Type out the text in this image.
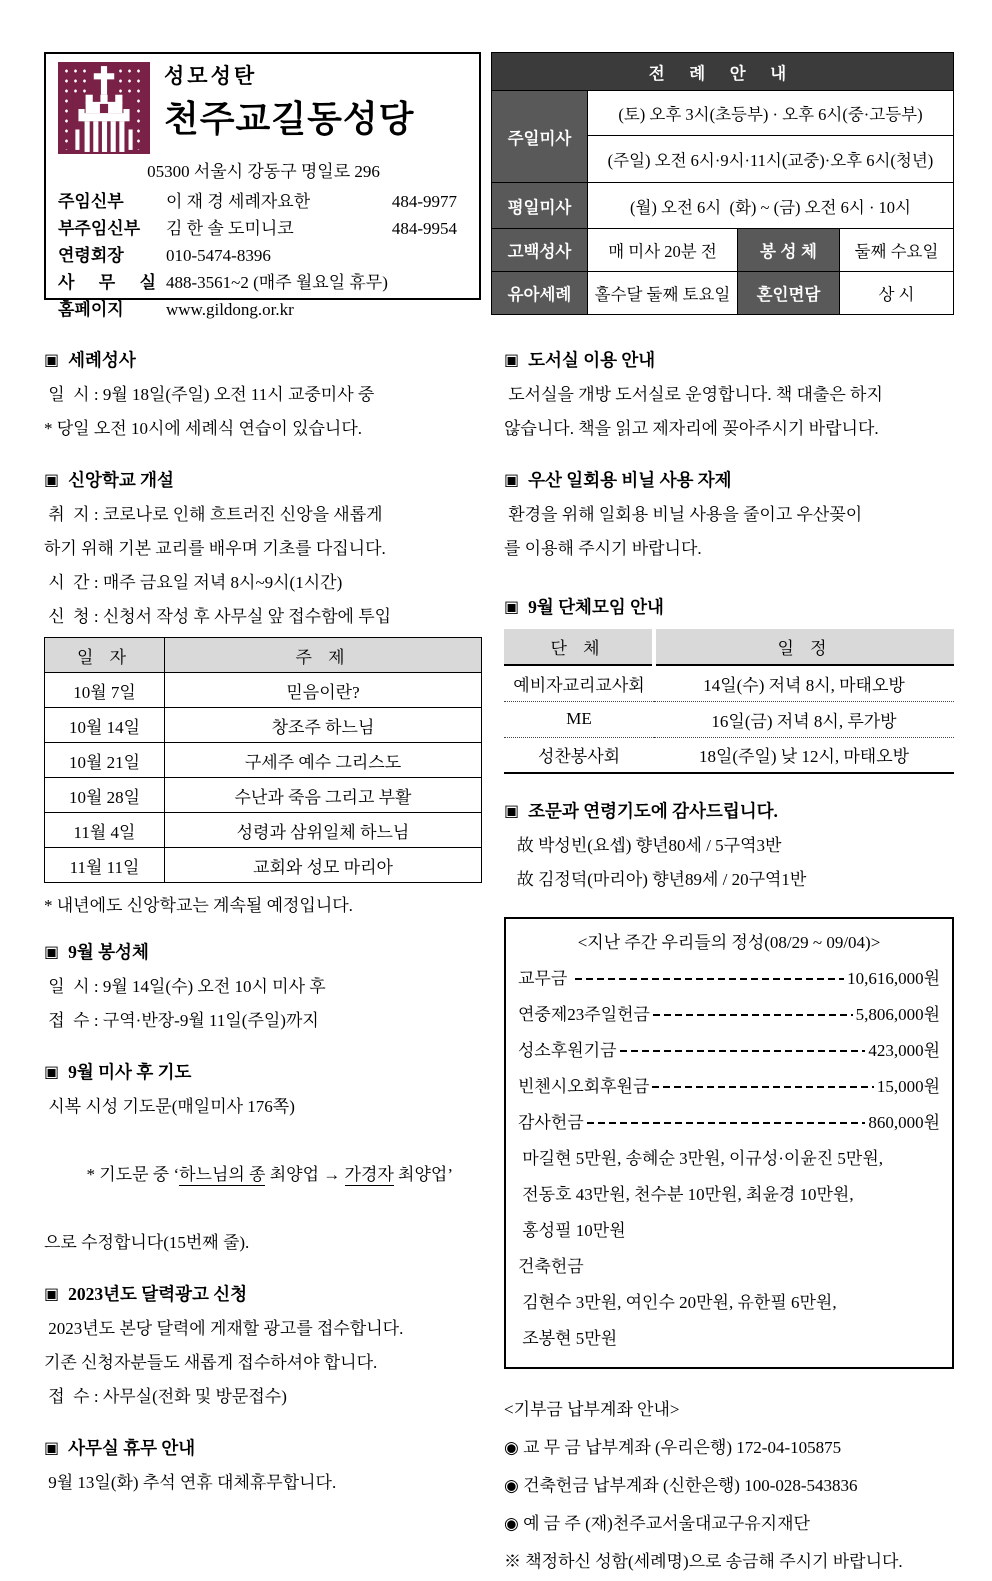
성모성탄
천주교길동성당
05300 서울시 강동구 명일로 296
주임신부	이 재 경 세례자요한	484-9977
부주임신부	김 한 솔 도미니코	484-9954
연령회장	010-5474-8396
사 무 실 488-3561~2 (매주 월요일 휴무)
홈페이지	www.gildong.or.kr
전 례 안 내			
주일미사	(토) 오후 3시(초등부) · 오후 6시(중·고등부)		
	(주일) 오전 6시·9시·11시(교중)·오후 6시(청년)		
평일미사	(월) 오전 6시  (화) ~ (금) 오전 6시 · 10시		
고백성사	매 미사 20분 전	봉 성 체	둘째 수요일
유아세례	홀수달 둘째 토요일	혼인면담	상 시
▣ 세례성사
일  시 : 9월 18일(주일) 오전 11시 교중미사 중
* 당일 오전 10시에 세례식 연습이 있습니다.
▣ 신앙학교 개설
취  지 : 코로나로 인해 흐트러진 신앙을 새롭게
하기 위해 기본 교리를 배우며 기초를 다집니다.
시  간 : 매주 금요일 저녁 8시~9시(1시간)
신  청 : 신청서 작성 후 사무실 앞 접수함에 투입
일 자	주 제
10월 7일	믿음이란?
10월 14일	창조주 하느님
10월 21일	구세주 예수 그리스도
10월 28일	수난과 죽음 그리고 부활
11월 4일	성령과 삼위일체 하느님
11월 11일	교회와 성모 마리아
* 내년에도 신앙학교는 계속될 예정입니다.
▣ 9월 봉성체
일  시 : 9월 14일(수) 오전 10시 미사 후
접  수 : 구역·반장-9월 11일(주일)까지
▣ 9월 미사 후 기도
시복 시성 기도문(매일미사 176쪽)

* 기도문 중 ‘하느님의 종 최양업 → 가경자 최양업’

으로 수정합니다(15번째 줄).
▣ 2023년도 달력광고 신청
2023년도 본당 달력에 게재할 광고를 접수합니다.
기존 신청자분들도 새롭게 접수하셔야 합니다.
접  수 : 사무실(전화 및 방문접수)
▣ 사무실 휴무 안내
9월 13일(화) 추석 연휴 대체휴무합니다.
▣ 도서실 이용 안내
도서실을 개방 도서실로 운영합니다. 책 대출은 하지
않습니다. 책을 읽고 제자리에 꽂아주시기 바랍니다.
▣ 우산 일회용 비닐 사용 자제
환경을 위해 일회용 비닐 사용을 줄이고 우산꽂이
를 이용해 주시기 바랍니다.
▣ 9월 단체모임 안내
단 체	일 정
예비자교리교사회	14일(수) 저녁 8시, 마태오방
ME	16일(금) 저녁 8시, 루가방
성찬봉사회	18일(주일) 낮 12시, 마태오방
▣ 조문과 연령기도에 감사드립니다.
故 박성빈(요셉) 향년80세 / 5구역3반
故 김정덕(마리아) 향년89세 / 20구역1반
<지난 주간 우리들의 정성(08/29 ~ 09/04)>
교무금	10,616,000원
연중제23주일헌금	5,806,000원
성소후원기금	423,000원
빈첸시오회후원금	15,000원
감사헌금	860,000원
마길현 5만원, 송혜순 3만원, 이규성·이윤진 5만원,
전동호 43만원, 천수분 10만원, 최윤경 10만원,
홍성필 10만원
건축헌금
김현수 3만원, 여인수 20만원, 유한필 6만원,
조봉현 5만원
<기부금 납부계좌 안내>
◉ 교 무 금 납부계좌 (우리은행) 172-04-105875
◉ 건축헌금 납부계좌 (신한은행) 100-028-543836
◉ 예 금 주 (재)천주교서울대교구유지재단
※ 책정하신 성함(세례명)으로 송금해 주시기 바랍니다.
